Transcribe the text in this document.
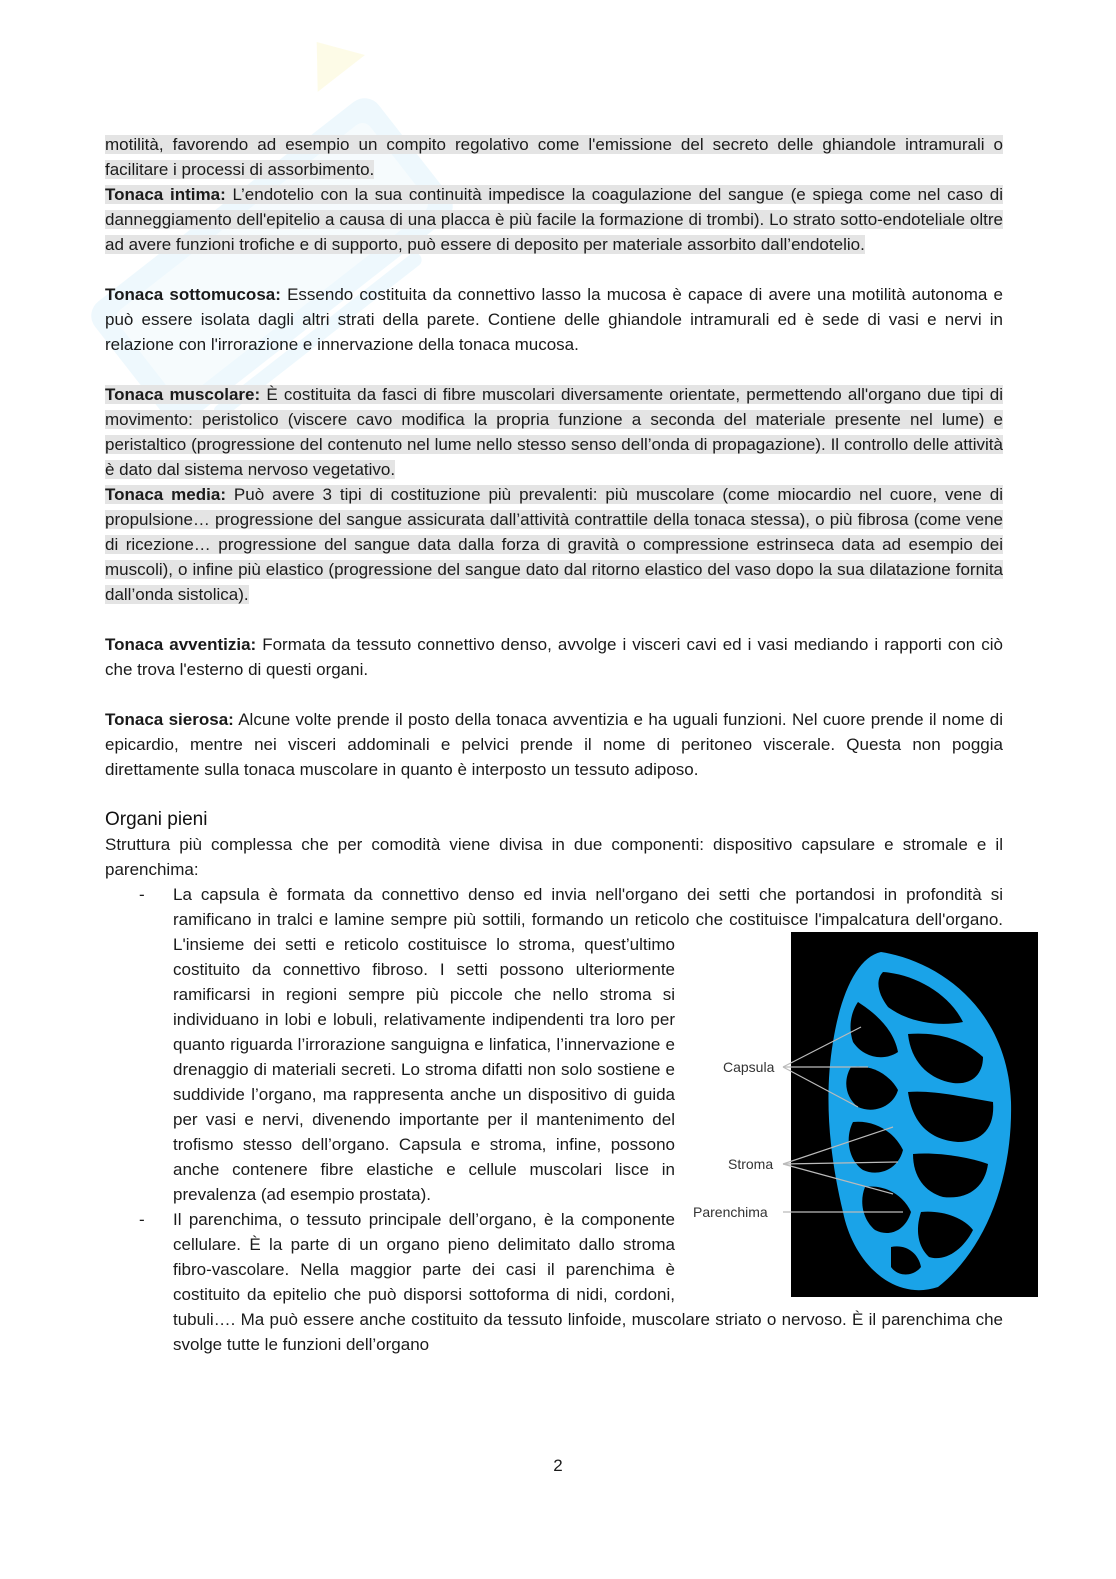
motilità, favorendo ad esempio un compito regolativo come l'emissione del secreto delle ghiandole intramurali o facilitare i processi di assorbimento.

Tonaca intima: L’endotelio con la sua continuità impedisce la coagulazione del sangue (e spiega come nel caso di danneggiamento dell'epitelio a causa di una placca è più facile la formazione di trombi). Lo strato sotto-endoteliale oltre ad avere funzioni trofiche e di supporto, può essere di deposito per materiale assorbito dall’endotelio.

Tonaca sottomucosa: Essendo costituita da connettivo lasso la mucosa è capace di avere una motilità autonoma e può essere isolata dagli altri strati della parete. Contiene delle ghiandole intramurali ed è sede di vasi e nervi in relazione con l'irrorazione e innervazione della tonaca mucosa.

Tonaca muscolare: È costituita da fasci di fibre muscolari diversamente orientate, permettendo all'organo due tipi di movimento: peristolico (viscere cavo modifica la propria funzione a seconda del materiale presente nel lume) e peristaltico (progressione del contenuto nel lume nello stesso senso dell’onda di propagazione). Il controllo delle attività è dato dal sistema nervoso vegetativo.

Tonaca media: Può avere 3 tipi di costituzione più prevalenti: più muscolare (come miocardio nel cuore, vene di propulsione… progressione del sangue assicurata dall’attività contrattile della tonaca stessa), o più fibrosa (come vene di ricezione… progressione del sangue data dalla forza di gravità o compressione estrinseca data ad esempio dei muscoli), o infine più elastico (progressione del sangue dato dal ritorno elastico del vaso dopo la sua dilatazione fornita dall’onda sistolica).

Tonaca avventizia: Formata da tessuto connettivo denso, avvolge i visceri cavi ed i vasi mediando i rapporti con ciò che trova l'esterno di questi organi.

Tonaca sierosa: Alcune volte prende il posto della tonaca avventizia e ha uguali funzioni. Nel cuore prende il nome di epicardio, mentre nei visceri addominali e pelvici prende il nome di peritoneo viscerale. Questa non poggia direttamente sulla tonaca muscolare in quanto è interposto un tessuto adiposo.

Organi pieni

Struttura più complessa che per comodità viene divisa in due componenti: dispositivo capsulare e stromale e il parenchima:

- La capsula è formata da connettivo denso ed invia nell'organo dei setti che portandosi in profondità si ramificano in tralci e lamine sempre più sottili, formando un reticolo che costituisce l'impalcatura
Capsula
Stroma
Parenchima
dell'organo. L'insieme dei setti e reticolo costituisce lo stroma, quest’ultimo costituito da connettivo fibroso. I setti possono ulteriormente ramificarsi in regioni sempre più piccole che nello stroma si individuano in lobi e lobuli, relativamente indipendenti tra loro per quanto riguarda l’irrorazione sanguigna e linfatica, l’innervazione e drenaggio di materiali secreti. Lo stroma difatti non solo sostiene e suddivide l’organo, ma rappresenta anche un dispositivo di guida per vasi e nervi, divenendo importante per il mantenimento del trofismo stesso dell’organo. Capsula e stroma, infine, possono anche contenere fibre elastiche e cellule muscolari lisce in prevalenza (ad esempio prostata).
- Il parenchima, o tessuto principale dell’organo, è la componente cellulare. È la parte di un organo pieno delimitato dallo stroma fibro-vascolare. Nella maggior parte dei casi il parenchima è costituito da epitelio che può disporsi sottoforma di nidi, cordoni, tubuli…. Ma può essere anche costituito da tessuto linfoide, muscolare striato o nervoso. È il parenchima che svolge tutte le funzioni dell’organo
2
